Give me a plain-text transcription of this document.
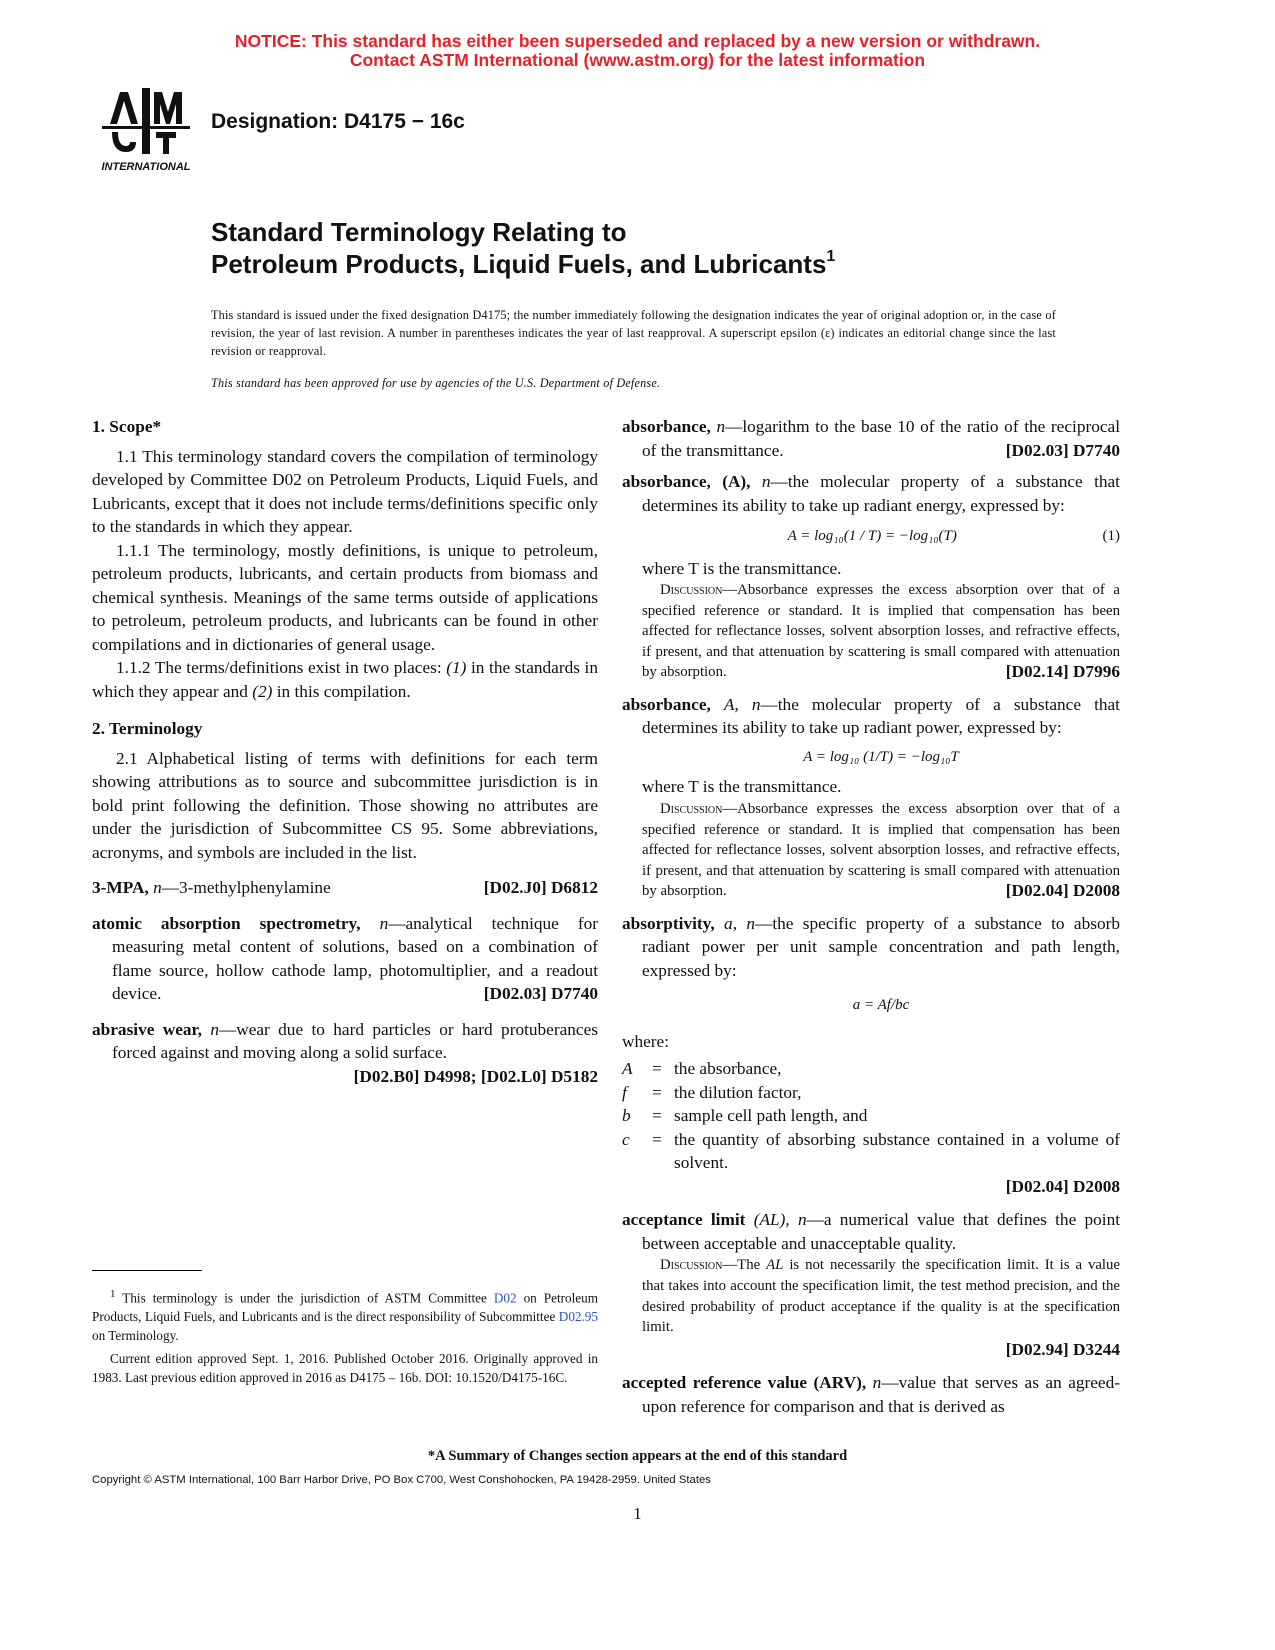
NOTICE: This standard has either been superseded and replaced by a new version or withdrawn.
Contact ASTM International (www.astm.org) for the latest information
INTERNATIONAL
Designation: D4175 − 16c
Standard Terminology Relating to
Petroleum Products, Liquid Fuels, and Lubricants$^1$
This standard is issued under the fixed designation D4175; the number immediately following the designation indicates the year of original adoption or, in the case of revision, the year of last revision. A number in parentheses indicates the year of last reapproval. A superscript epsilon (ε) indicates an editorial change since the last revision or reapproval.
This standard has been approved for use by agencies of the U.S. Department of Defense.

1. Scope*

1.1 This terminology standard covers the compilation of terminology developed by Committee D02 on Petroleum Products, Liquid Fuels, and Lubricants, except that it does not include terms/definitions specific only to the standards in which they appear.

1.1.1 The terminology, mostly definitions, is unique to petroleum, petroleum products, lubricants, and certain products from biomass and chemical synthesis. Meanings of the same terms outside of applications to petroleum, petroleum products, and lubricants can be found in other compilations and in dictionaries of general usage.

1.1.2 The terms/definitions exist in two places: (1) in the standards in which they appear and (2) in this compilation.

2. Terminology

2.1 Alphabetical listing of terms with definitions for each term showing attributions as to source and subcommittee jurisdiction is in bold print following the definition. Those showing no attributes are under the jurisdiction of Subcommittee CS 95. Some abbreviations, acronyms, and symbols are included in the list.

3-MPA, n—3-methylphenylamine	[D02.J0] D6812

atomic absorption spectrometry, n—analytical technique for measuring metal content of solutions, based on a combination of flame source, hollow cathode lamp, photomultiplier, and a readout device.	[D02.03] D7740

abrasive wear, n—wear due to hard particles or hard protuberances forced against and moving along a solid surface.

[D02.B0] D4998; [D02.L0] D5182

$^1$ This terminology is under the jurisdiction of ASTM Committee D02 on Petroleum Products, Liquid Fuels, and Lubricants and is the direct responsibility of Subcommittee D02.95 on Terminology.

Current edition approved Sept. 1, 2016. Published October 2016. Originally approved in 1983. Last previous edition approved in 2016 as D4175 – 16b. DOI: 10.1520/D4175-16C.

absorbance, n—logarithm to the base 10 of the ratio of the reciprocal of the transmittance.	[D02.03] D7740

absorbance, (A), n—the molecular property of a substance that determines its ability to take up radiant energy, expressed by:

A = log₁₀(1 / T) = −log₁₀(T)	(1)

where T is the transmittance.

Discussion—Absorbance expresses the excess absorption over that of a specified reference or standard. It is implied that compensation has been affected for reflectance losses, solvent absorption losses, and refractive effects, if present, and that attenuation by scattering is small compared with attenuation by absorption.	[D02.14] D7996

absorbance, A, n—the molecular property of a substance that determines its ability to take up radiant power, expressed by:

A = log₁₀ (1/T) = −log₁₀T

where T is the transmittance.

Discussion—Absorbance expresses the excess absorption over that of a specified reference or standard. It is implied that compensation has been affected for reflectance losses, solvent absorption losses, and refractive effects, if present, and that attenuation by scattering is small compared with attenuation by absorption.	[D02.04] D2008

absorptivity, a, n—the specific property of a substance to absorb radiant power per unit sample concentration and path length, expressed by:

a = Af/bc

where:

A	= the absorbance,
f	= the dilution factor,
b	= sample cell path length, and
c	= the quantity of absorbing substance contained in a volume of solvent.

[D02.04] D2008

acceptance limit (AL), n—a numerical value that defines the point between acceptable and unacceptable quality.

Discussion—The AL is not necessarily the specification limit. It is a value that takes into account the specification limit, the test method precision, and the desired probability of product acceptance if the quality is at the specification limit.

[D02.94] D3244

accepted reference value (ARV), n—value that serves as an agreed-upon reference for comparison and that is derived as

*A Summary of Changes section appears at the end of this standard
Copyright © ASTM International, 100 Barr Harbor Drive, PO Box C700, West Conshohocken, PA 19428-2959. United States
1
